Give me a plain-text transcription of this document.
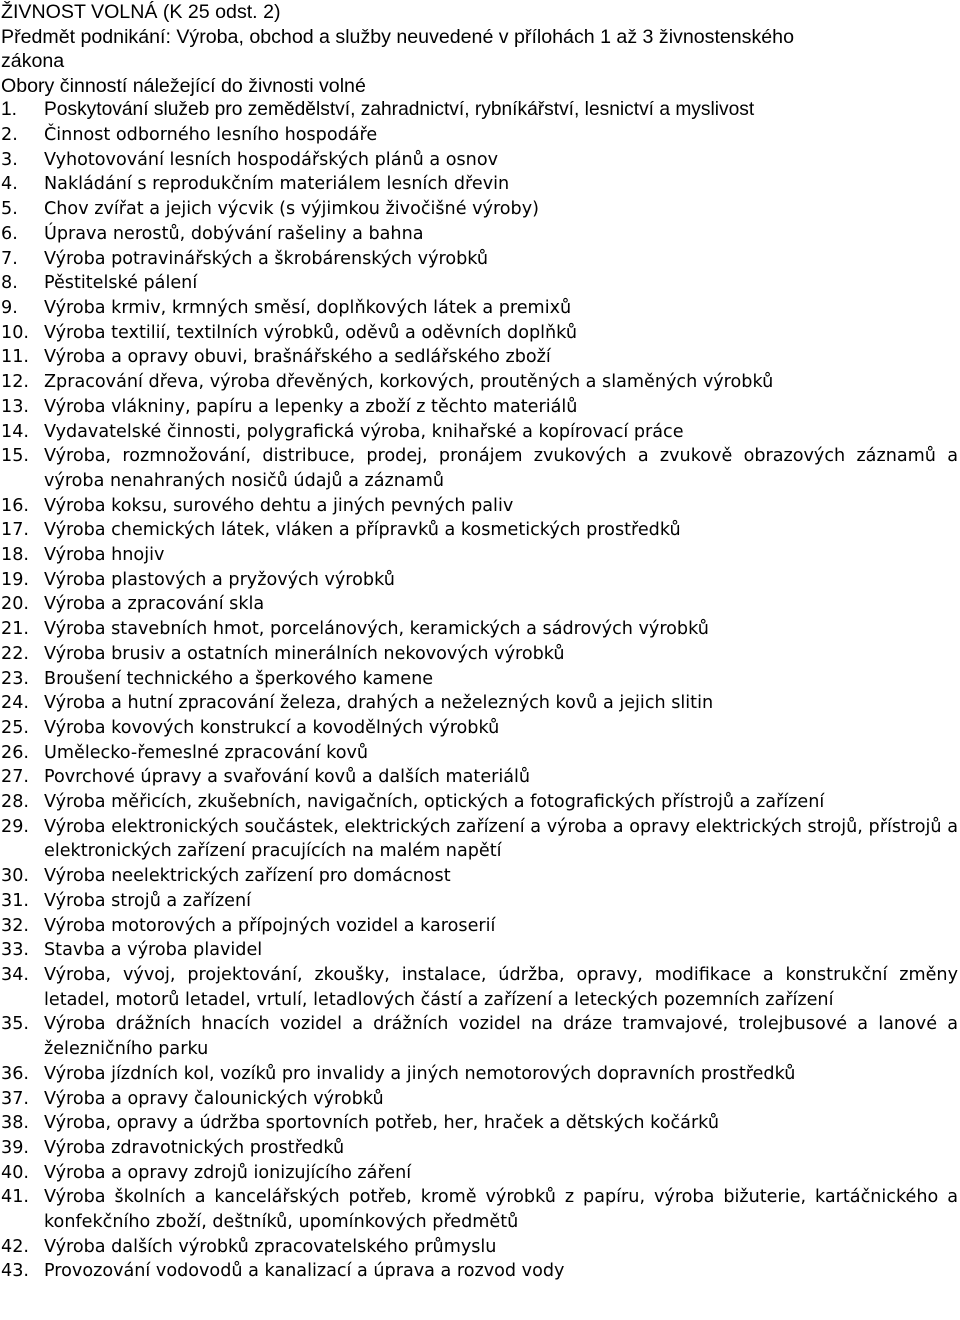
ŽIVNOST VOLNÁ (K 25 odst. 2)
Předmět podnikání: Výroba, obchod a služby neuvedené v přílohách 1 až 3 živnostenského
zákona
Obory činností náležející do živnosti volné
1.	Poskytování služeb pro zemědělství, zahradnictví, rybníkářství, lesnictví a myslivost
2.	Činnost odborného lesního hospodáře
3.	Vyhotovování lesních hospodářských plánů a osnov
4.	Nakládání s reprodukčním materiálem lesních dřevin
5.	Chov zvířat a jejich výcvik (s výjimkou živočišné výroby)
6.	Úprava nerostů, dobývání rašeliny a bahna
7.	Výroba potravinářských a škrobárenských výrobků
8.	Pěstitelské pálení
9.	Výroba krmiv, krmných směsí, doplňkových látek a premixů
10. Výroba textilií, textilních výrobků, oděvů a oděvních doplňků
11. Výroba a opravy obuvi, brašnářského a sedlářského zboží
12. Zpracování dřeva, výroba dřevěných, korkových, proutěných a slaměných výrobků
13. Výroba vlákniny, papíru a lepenky a zboží z těchto materiálů
14. Vydavatelské činnosti, polygrafická výroba, knihařské a kopírovací práce
15. Výroba, rozmnožování, distribuce, prodej, pronájem zvukových a zvukově obrazových záznamů a výroba nenahraných nosičů údajů a záznamů
16. Výroba koksu, surového dehtu a jiných pevných paliv
17. Výroba chemických látek, vláken a přípravků a kosmetických prostředků
18. Výroba hnojiv
19. Výroba plastových a pryžových výrobků
20. Výroba a zpracování skla
21. Výroba stavebních hmot, porcelánových, keramických a sádrových výrobků
22. Výroba brusiv a ostatních minerálních nekovových výrobků
23. Broušení technického a šperkového kamene
24. Výroba a hutní zpracování železa, drahých a neželezných kovů a jejich slitin
25. Výroba kovových konstrukcí a kovodělných výrobků
26. Umělecko-řemeslné zpracování kovů
27. Povrchové úpravy a svařování kovů a dalších materiálů
28. Výroba měřicích, zkušebních, navigačních, optických a fotografických přístrojů a zařízení
29. Výroba elektronických součástek, elektrických zařízení a výroba a opravy elektrických strojů, přístrojů a elektronických zařízení pracujících na malém napětí
30. Výroba neelektrických zařízení pro domácnost
31. Výroba strojů a zařízení
32. Výroba motorových a přípojných vozidel a karoserií
33. Stavba a výroba plavidel
34. Výroba, vývoj, projektování, zkoušky, instalace, údržba, opravy, modifikace a konstrukční změny letadel, motorů letadel, vrtulí, letadlových částí a zařízení a leteckých pozemních zařízení
35. Výroba drážních hnacích vozidel a drážních vozidel na dráze tramvajové, trolejbusové a lanové a železničního parku
36. Výroba jízdních kol, vozíků pro invalidy a jiných nemotorových dopravních prostředků
37. Výroba a opravy čalounických výrobků
38. Výroba, opravy a údržba sportovních potřeb, her, hraček a dětských kočárků
39. Výroba zdravotnických prostředků
40. Výroba a opravy zdrojů ionizujícího záření
41. Výroba školních a kancelářských potřeb, kromě výrobků z papíru, výroba bižuterie, kartáčnického a konfekčního zboží, deštníků, upomínkových předmětů
42. Výroba dalších výrobků zpracovatelského průmyslu
43. Provozování vodovodů a kanalizací a úprava a rozvod vody
